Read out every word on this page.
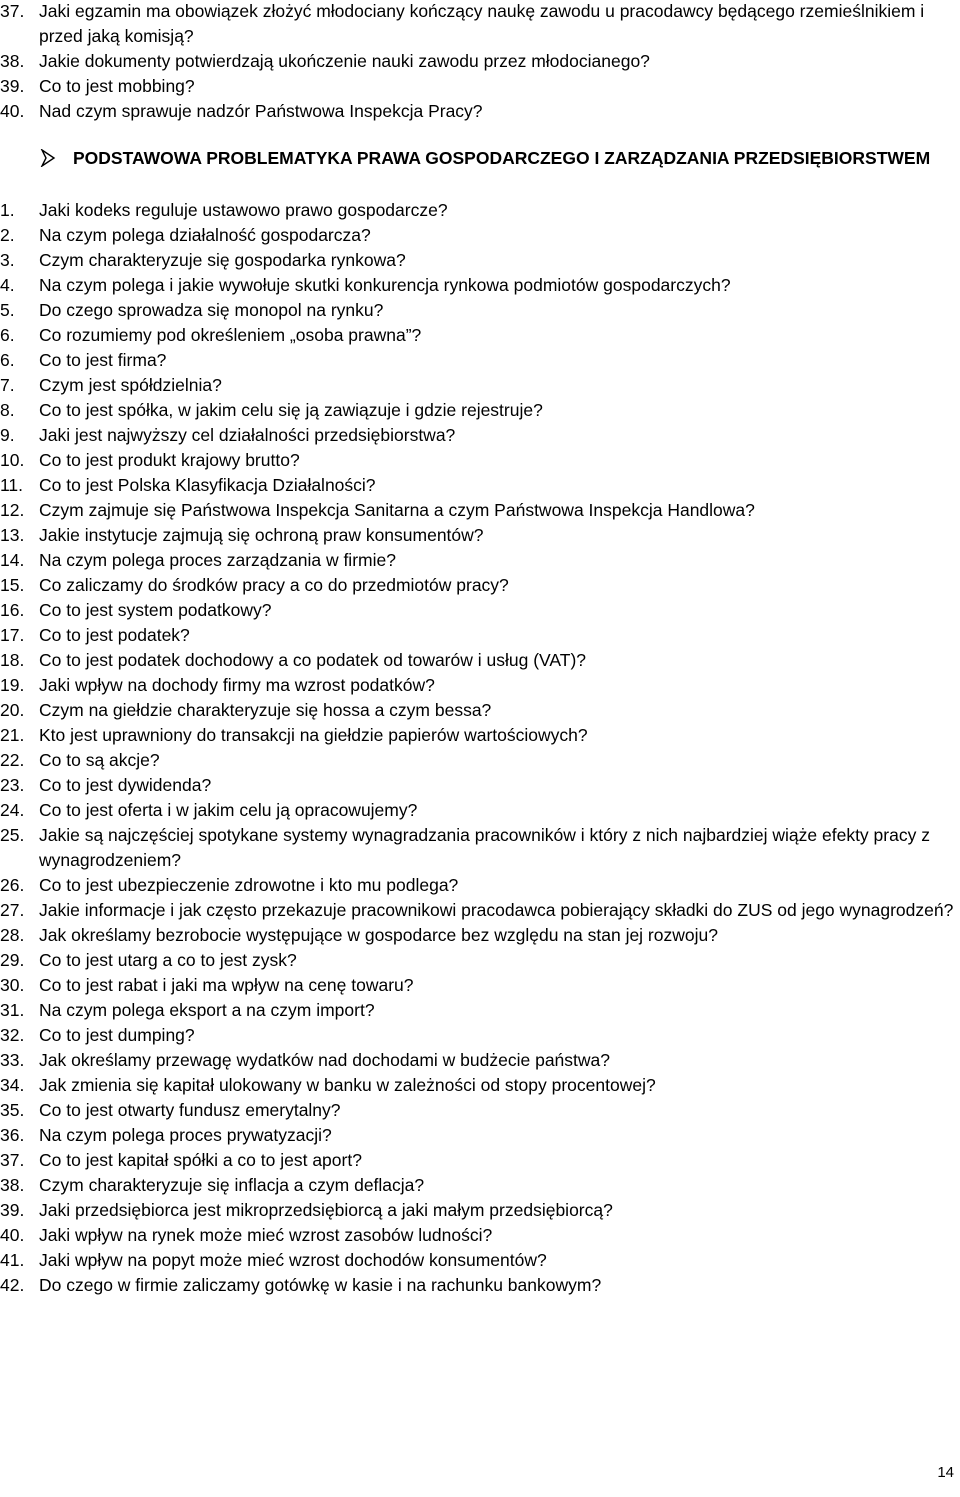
37. Jaki egzamin ma obowiązek złożyć młodociany kończący naukę zawodu u pracodawcy będącego rzemieślnikiem i przed jaką komisją?
38. Jakie dokumenty potwierdzają ukończenie nauki zawodu przez młodocianego?
39. Co to jest mobbing?
40. Nad czym sprawuje nadzór Państwowa Inspekcja Pracy?
PODSTAWOWA PROBLEMATYKA PRAWA GOSPODARCZEGO I ZARZĄDZANIA PRZEDSIĘBIORSTWEM
1. Jaki kodeks reguluje ustawowo prawo gospodarcze?
2. Na czym polega działalność gospodarcza?
3. Czym charakteryzuje się gospodarka rynkowa?
4. Na czym polega i jakie wywołuje skutki konkurencja rynkowa podmiotów gospodarczych?
5. Do czego sprowadza się monopol na rynku?
6. Co rozumiemy pod określeniem „osoba prawna”?
6. Co to jest firma?
7. Czym jest spółdzielnia?
8. Co to jest spółka, w jakim celu się ją zawiązuje i gdzie rejestruje?
9. Jaki jest najwyższy cel działalności przedsiębiorstwa?
10. Co to jest produkt krajowy brutto?
11. Co to jest Polska Klasyfikacja Działalności?
12. Czym zajmuje się Państwowa Inspekcja Sanitarna a czym Państwowa Inspekcja Handlowa?
13. Jakie instytucje zajmują się ochroną praw konsumentów?
14. Na czym polega proces zarządzania w firmie?
15. Co zaliczamy do środków pracy a co do przedmiotów pracy?
16. Co to jest system podatkowy?
17. Co to jest podatek?
18. Co to jest podatek dochodowy a co podatek od towarów i usług (VAT)?
19. Jaki wpływ na dochody firmy ma wzrost podatków?
20. Czym na giełdzie charakteryzuje się hossa a czym bessa?
21. Kto jest uprawniony do transakcji na giełdzie papierów wartościowych?
22. Co to są akcje?
23. Co to jest dywidenda?
24. Co to jest oferta i w jakim celu ją opracowujemy?
25. Jakie są najczęściej spotykane systemy wynagradzania pracowników i który z nich najbardziej wiąże efekty pracy z wynagrodzeniem?
26. Co to jest ubezpieczenie zdrowotne i kto mu podlega?
27. Jakie informacje i jak często przekazuje pracownikowi pracodawca pobierający składki do ZUS od jego wynagrodzeń?
28. Jak określamy bezrobocie występujące w gospodarce bez względu na stan jej rozwoju?
29. Co to jest utarg a co to jest zysk?
30. Co to jest rabat i jaki ma wpływ na cenę towaru?
31. Na czym polega eksport a na czym import?
32. Co to jest dumping?
33. Jak określamy przewagę wydatków nad dochodami w budżecie państwa?
34. Jak zmienia się kapitał ulokowany w banku w zależności od stopy procentowej?
35. Co to jest otwarty fundusz emerytalny?
36. Na czym polega proces prywatyzacji?
37. Co to jest kapitał spółki a co to jest aport?
38. Czym charakteryzuje się inflacja a czym deflacja?
39. Jaki przedsiębiorca jest mikroprzedsiębiorcą a jaki małym przedsiębiorcą?
40. Jaki wpływ na rynek może mieć wzrost zasobów ludności?
41. Jaki wpływ na popyt może mieć wzrost dochodów konsumentów?
42. Do czego w firmie zaliczamy gotówkę w kasie i na rachunku bankowym?
14
